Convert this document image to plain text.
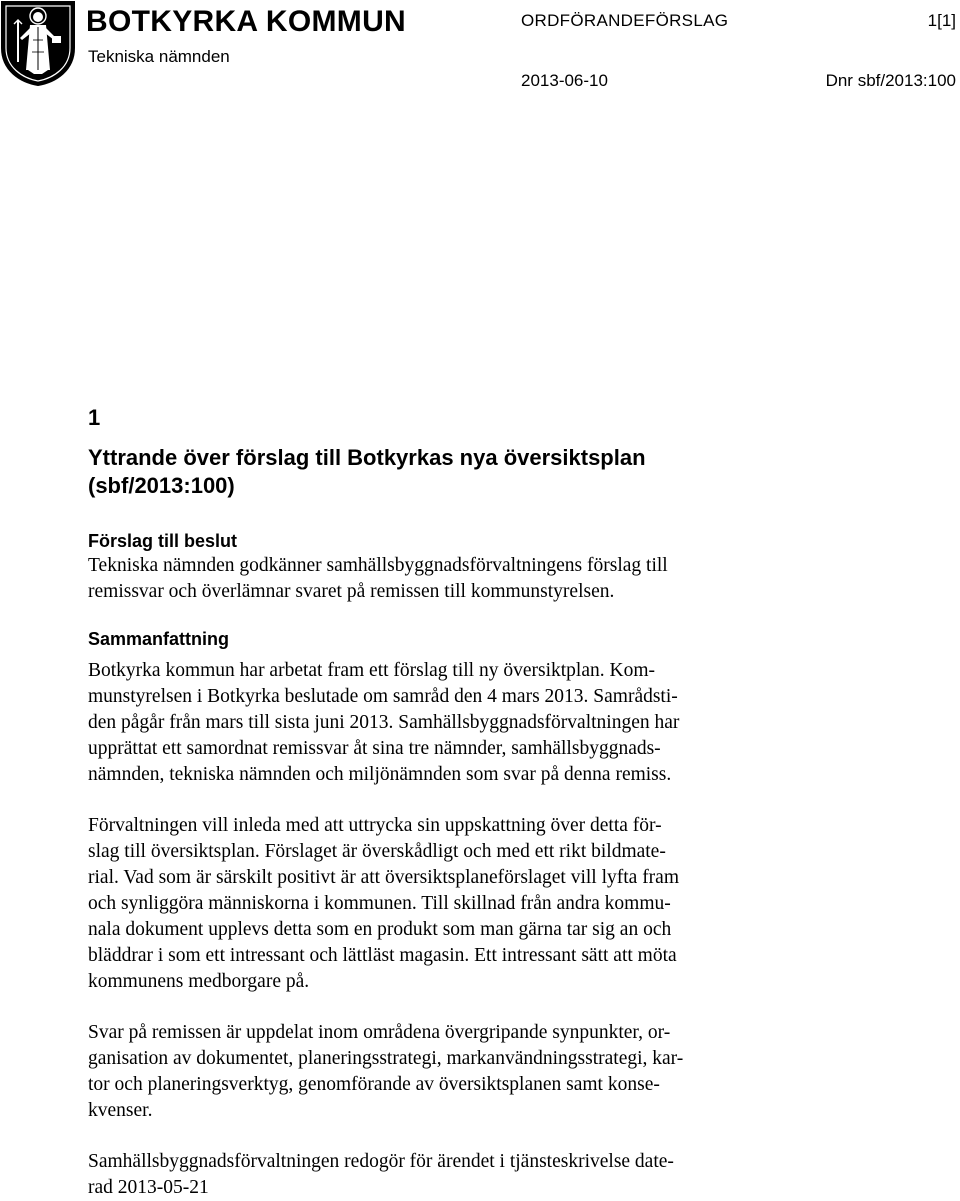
BOTKYRKA KOMMUN
Tekniska nämnden
ORDFÖRANDEFÖRSLAG	1[1]
2013-06-10	Dnr sbf/2013:100
1
Yttrande över förslag till Botkyrkas nya översiktsplan
(sbf/2013:100)
Förslag till beslut

Tekniska nämnden godkänner samhällsbyggnadsförvaltningens förslag till
remissvar och överlämnar svaret på remissen till kommunstyrelsen.

Sammanfattning

Botkyrka kommun har arbetat fram ett förslag till ny översiktplan. Kom-
munstyrelsen i Botkyrka beslutade om samråd den 4 mars 2013. Samrådsti-
den pågår från mars till sista juni 2013. Samhällsbyggnadsförvaltningen har
upprättat ett samordnat remissvar åt sina tre nämnder, samhällsbyggnads-
nämnden, tekniska nämnden och miljönämnden som svar på denna remiss.

Förvaltningen vill inleda med att uttrycka sin uppskattning över detta för-
slag till översiktsplan. Förslaget är överskådligt och med ett rikt bildmate-
rial. Vad som är särskilt positivt är att översiktsplaneförslaget vill lyfta fram
och synliggöra människorna i kommunen. Till skillnad från andra kommu-
nala dokument upplevs detta som en produkt som man gärna tar sig an och
bläddrar i som ett intressant och lättläst magasin. Ett intressant sätt att möta
kommunens medborgare på.

Svar på remissen är uppdelat inom områdena övergripande synpunkter, or-
ganisation av dokumentet, planeringsstrategi, markanvändningsstrategi, kar-
tor och planeringsverktyg, genomförande av översiktsplanen samt konse-
kvenser.

Samhällsbyggnadsförvaltningen redogör för ärendet i tjänsteskrivelse date-
rad 2013-05-21
